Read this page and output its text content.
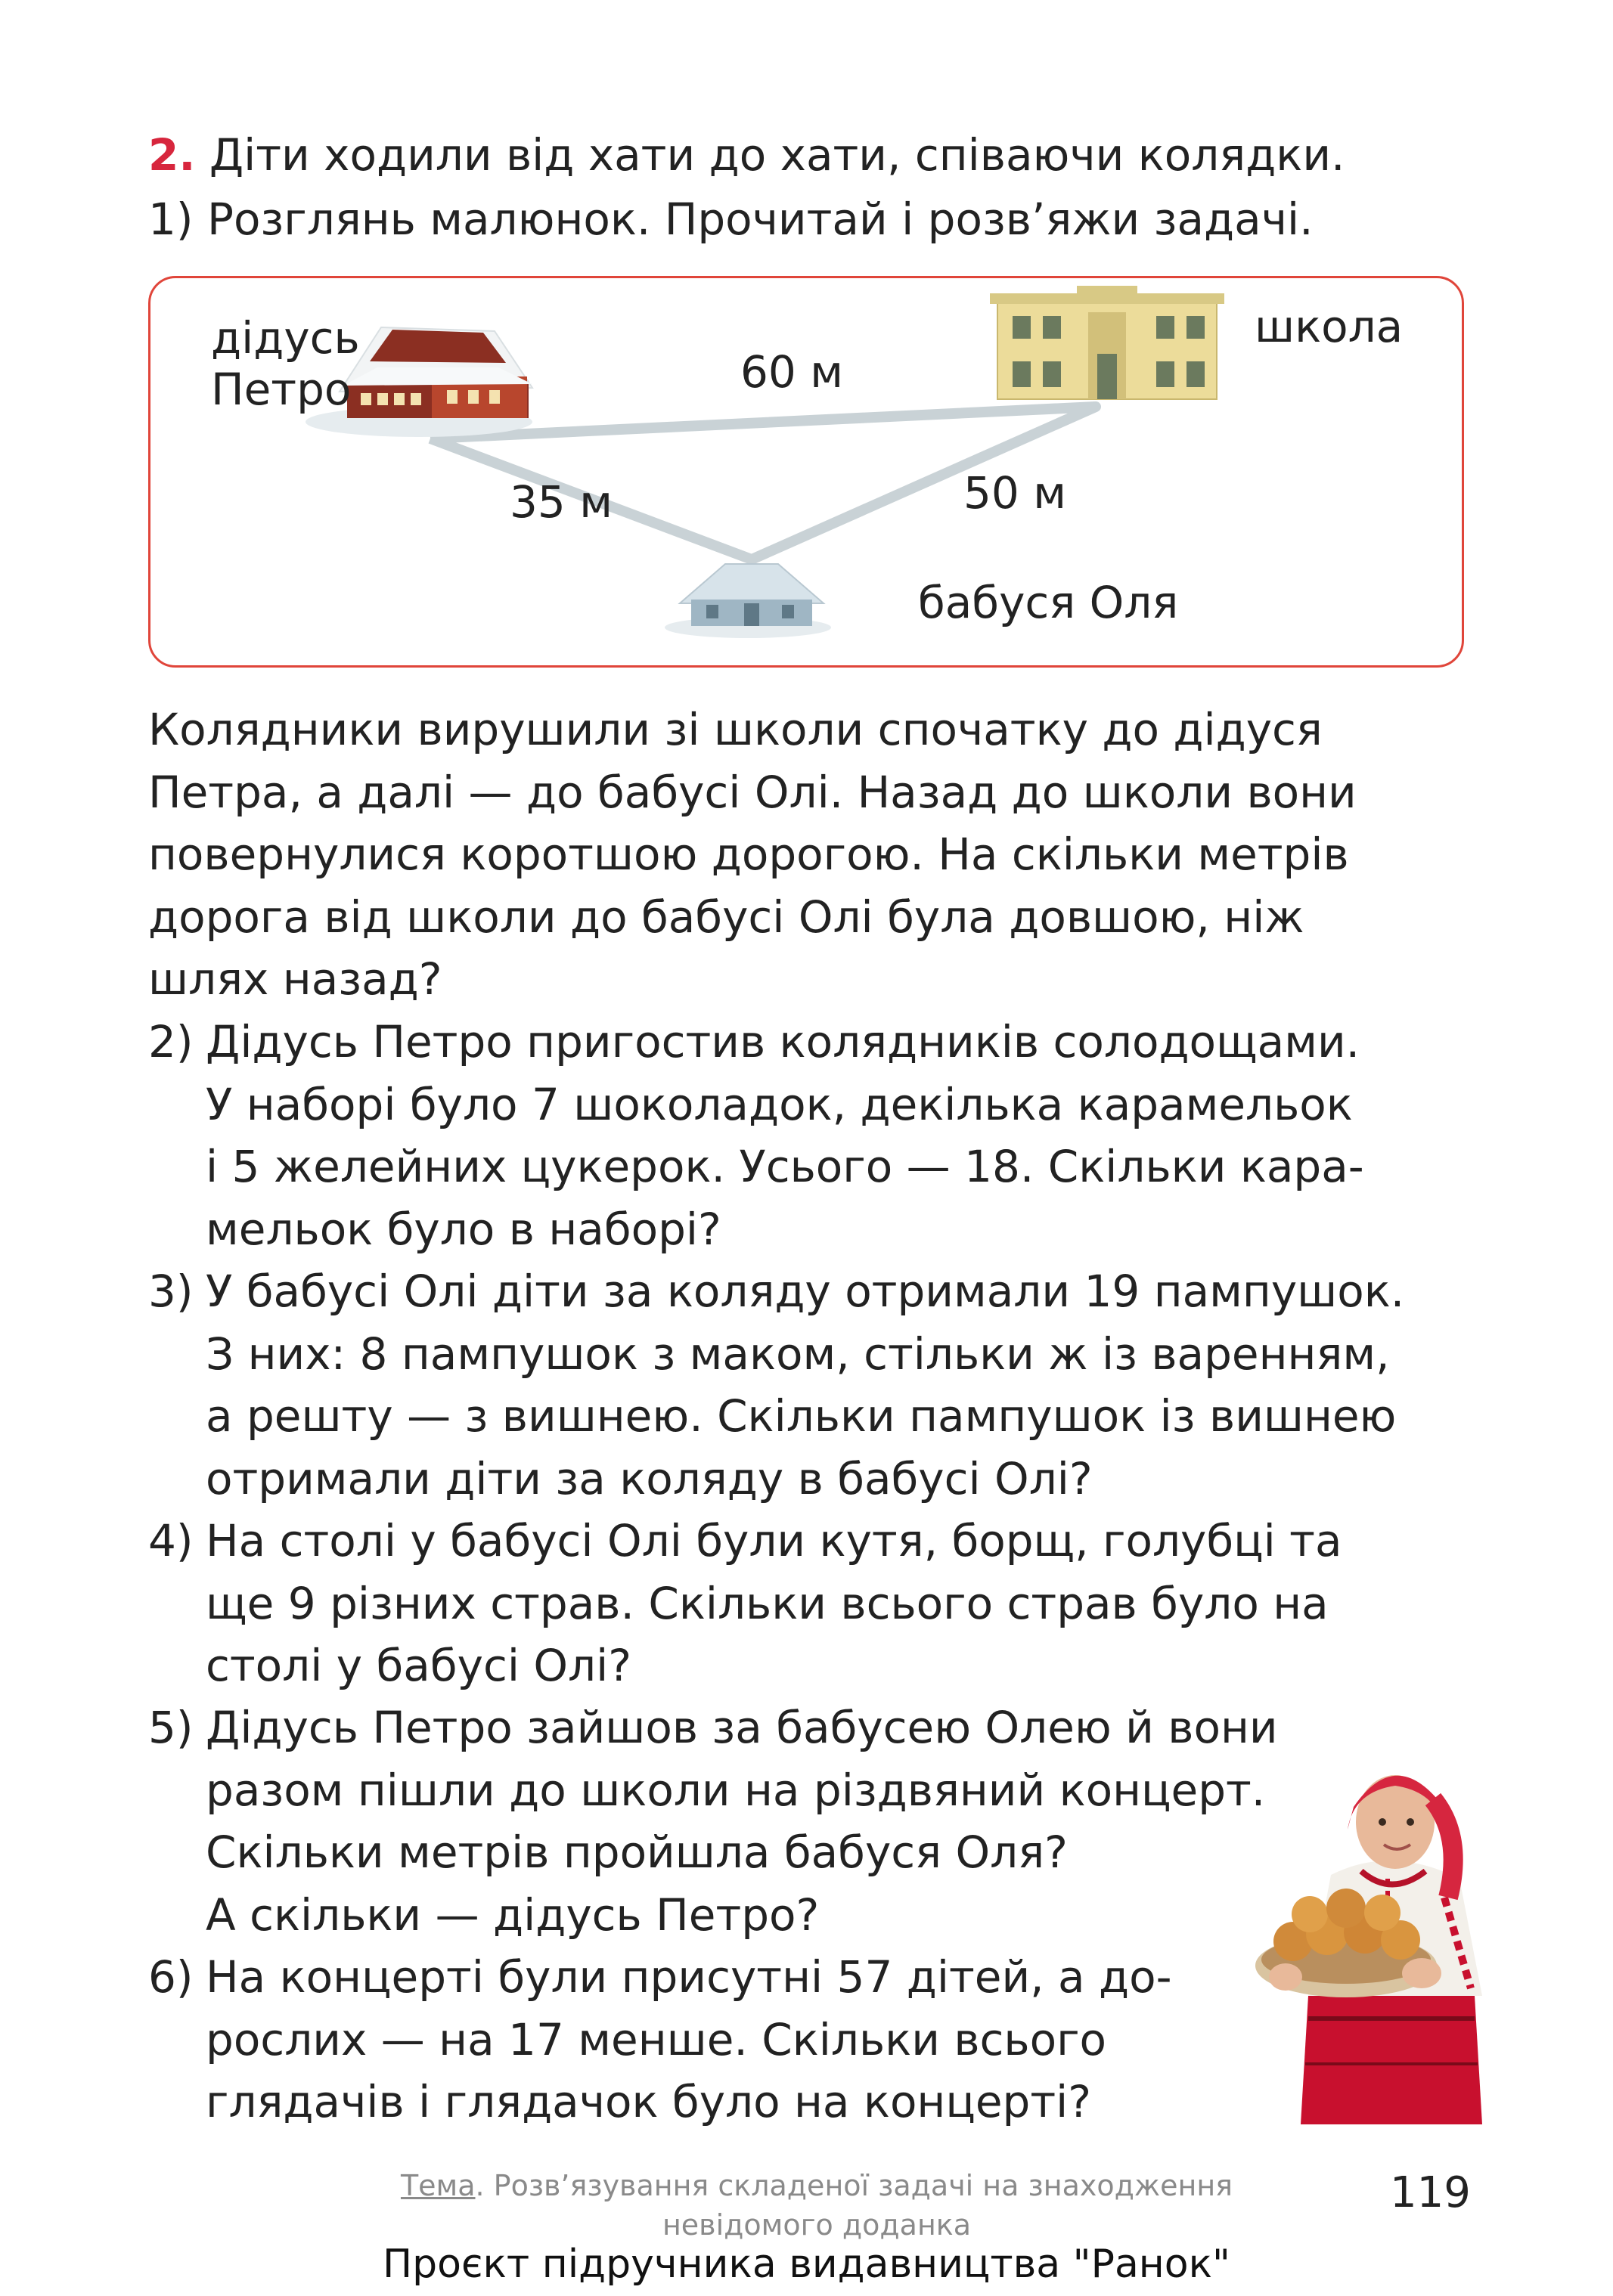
2. Діти ходили від хати до хати, співаючи колядки.
1) Розглянь малюнок. Прочитай і розв’яжи задачі.
дідусь
Петро
школа
бабуся Оля
60 м
35 м	50 м

Колядники вирушили зі школи спочатку до дідуся

Петра, а далі — до бабусі Олі. Назад до школи вони

повернулися коротшою дорогою. На скільки метрів

дорога від школи до бабусі Олі була довшою, ніж

шлях назад?

2) Дідусь Петро пригостив колядників солодощами.

У наборі було 7 шоколадок, декілька карамельок

і 5 желейних цукерок. Усього — 18. Скільки кара-

мельок було в наборі?

3) У бабусі Олі діти за коляду отримали 19 пампушок.

З них: 8 пампушок з маком, стільки ж із варенням,

а решту — з вишнею. Скільки пампушок із вишнею

отримали діти за коляду в бабусі Олі?

4) На столі у бабусі Олі були кутя, борщ, голубці та

ще 9 різних страв. Скільки всього страв було на

столі у бабусі Олі?

5) Дідусь Петро зайшов за бабусею Олею й вони

разом пішли до школи на різдвяний концерт.

Скільки метрів пройшла бабуся Оля?

А скільки — дідусь Петро?

6) На концерті були присутні 57 дітей, а до-

рослих — на 17 менше. Скільки всього

глядачів і глядачок було на концерті?

Тема. Розв’язування складеної задачі на знаходження
невідомого доданка
119
Проєкт підручника видавництва "Ранок"
